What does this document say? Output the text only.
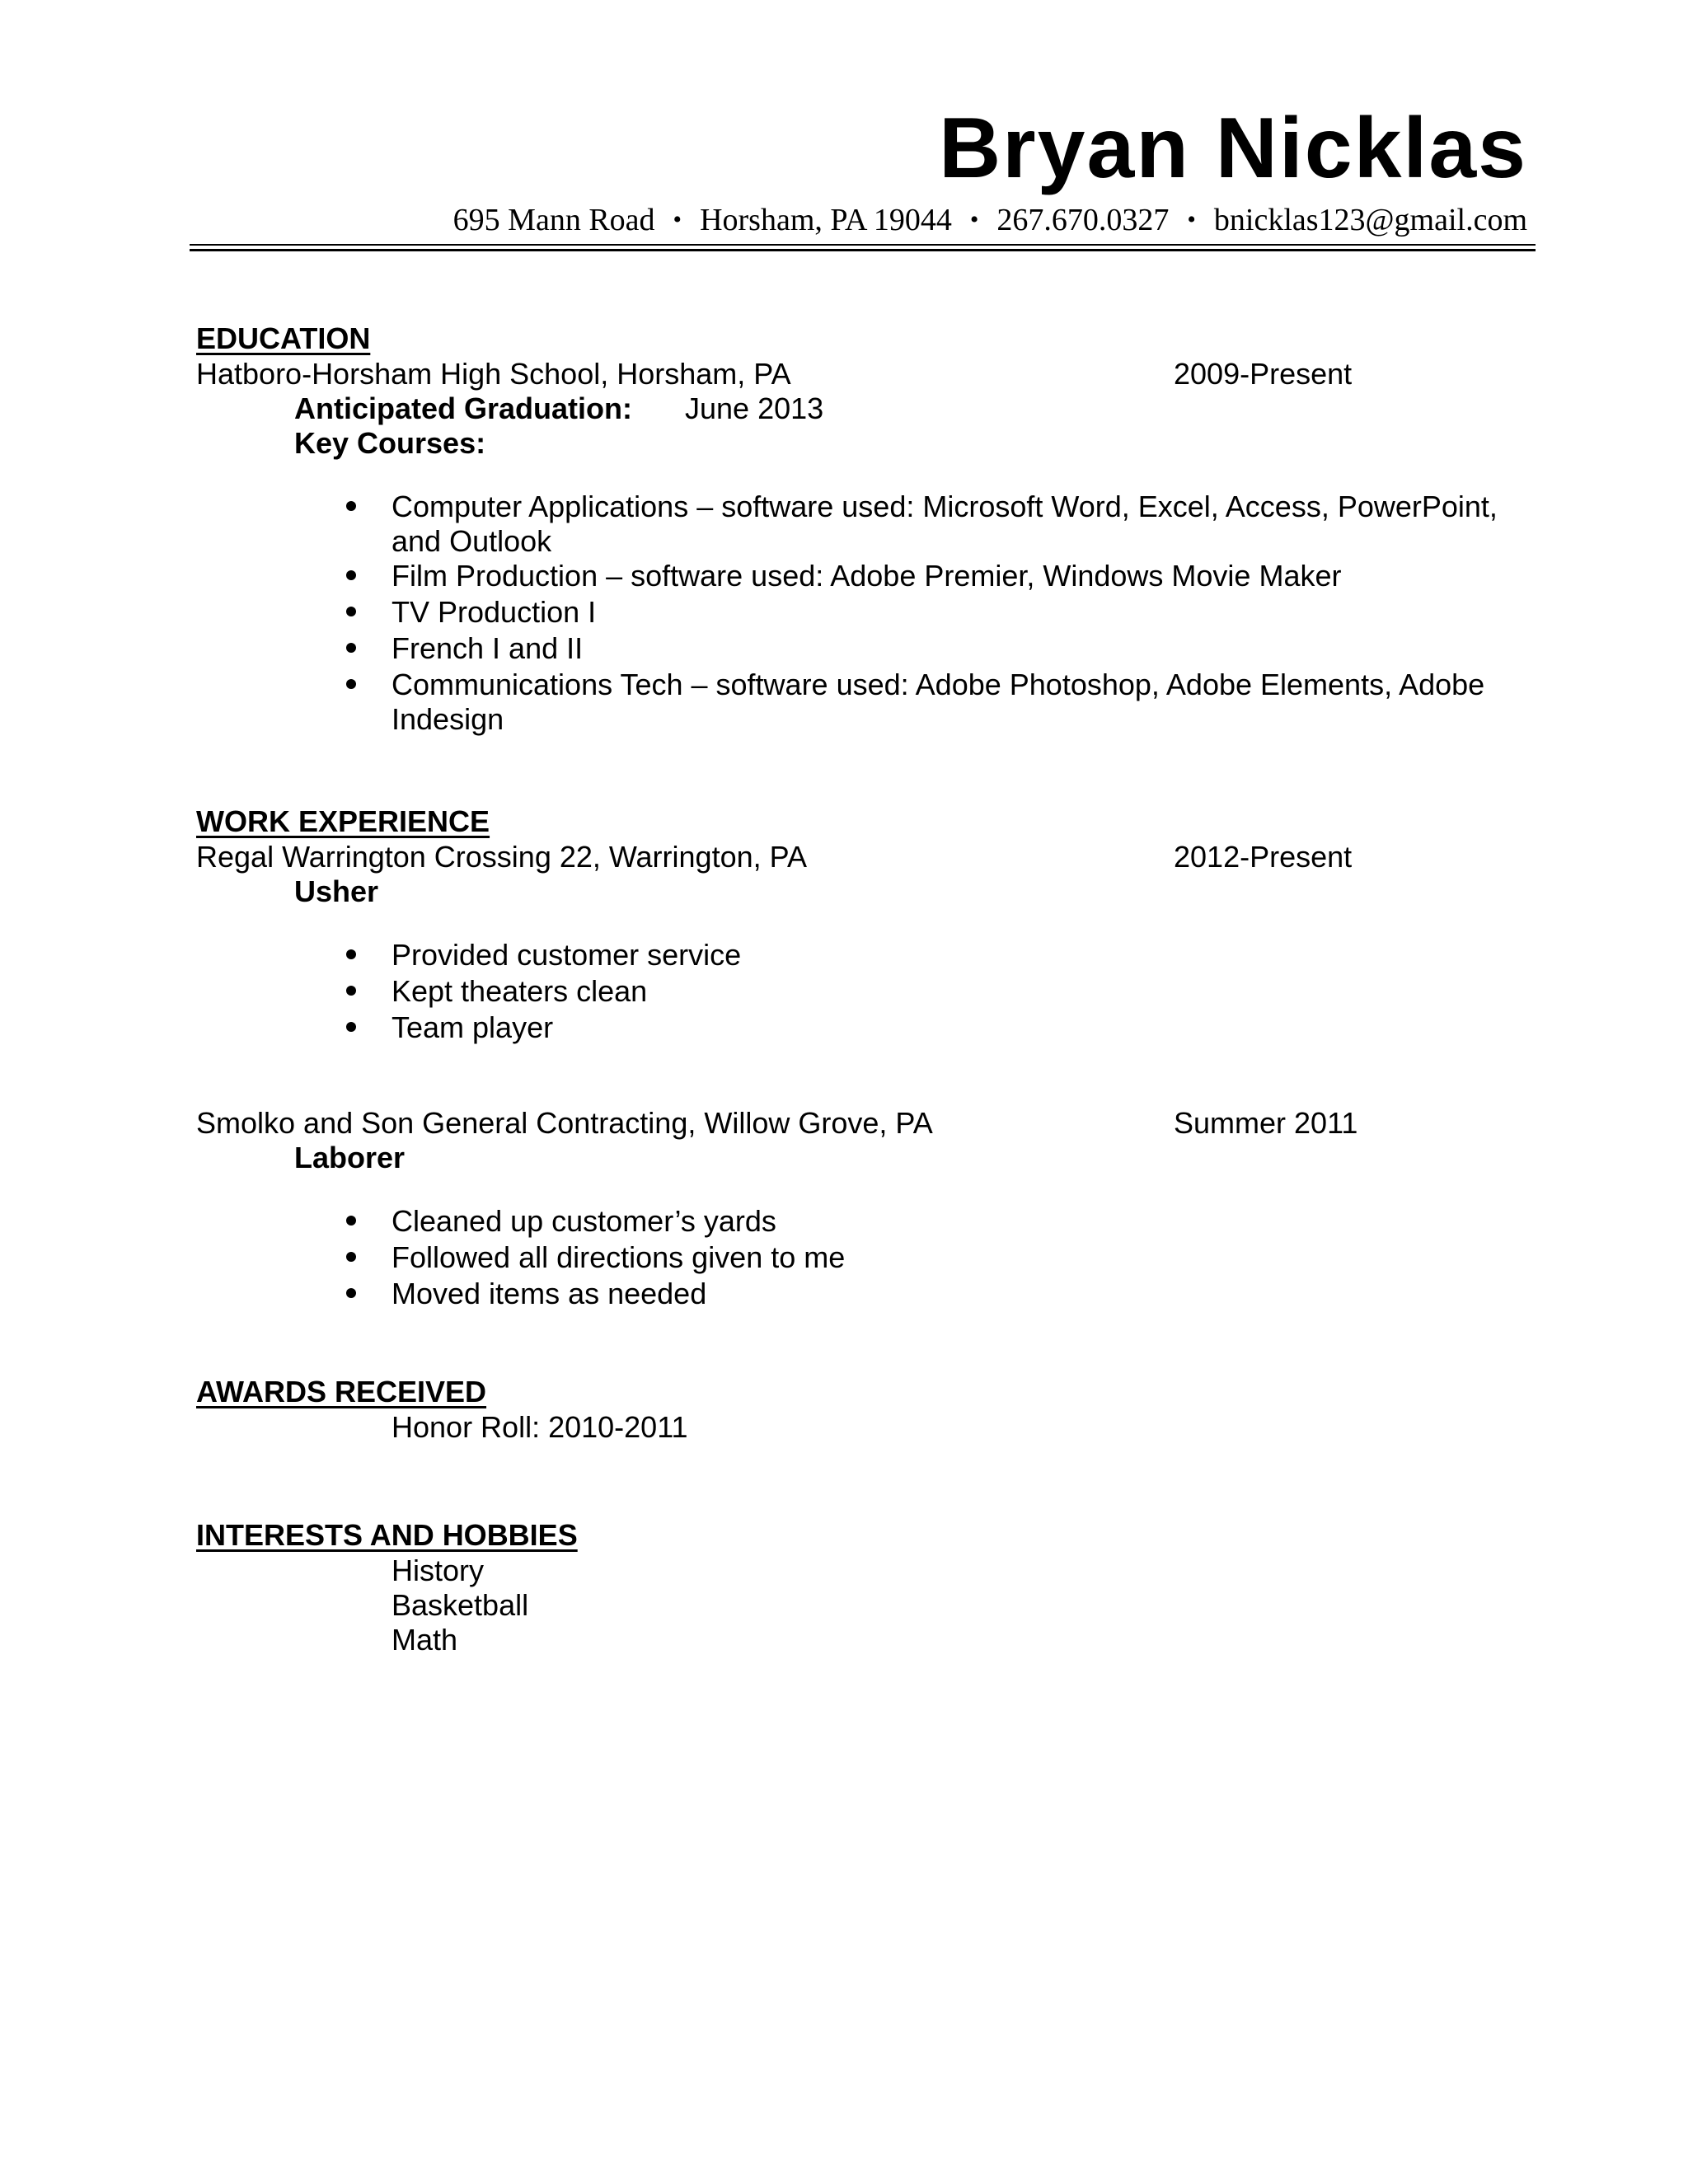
Bryan Nicklas
695 Mann Road • Horsham, PA 19044 • 267.670.0327 • bnicklas123@gmail.com
EDUCATION
Hatboro-Horsham High School, Horsham, PA	2009-Present
Anticipated Graduation: June 2013
Key Courses:
Computer Applications – software used: Microsoft Word, Excel, Access, PowerPoint,
and Outlook
Film Production – software used: Adobe Premier, Windows Movie Maker
TV Production I
French I and II
Communications Tech – software used: Adobe Photoshop, Adobe Elements, Adobe
Indesign
WORK EXPERIENCE
Regal Warrington Crossing 22, Warrington, PA	2012-Present
Usher
Provided customer service
Kept theaters clean
Team player
Smolko and Son General Contracting, Willow Grove, PA	Summer 2011
Laborer
Cleaned up customer’s yards
Followed all directions given to me
Moved items as needed
AWARDS RECEIVED
Honor Roll: 2010-2011
INTERESTS AND HOBBIES
History
Basketball
Math
